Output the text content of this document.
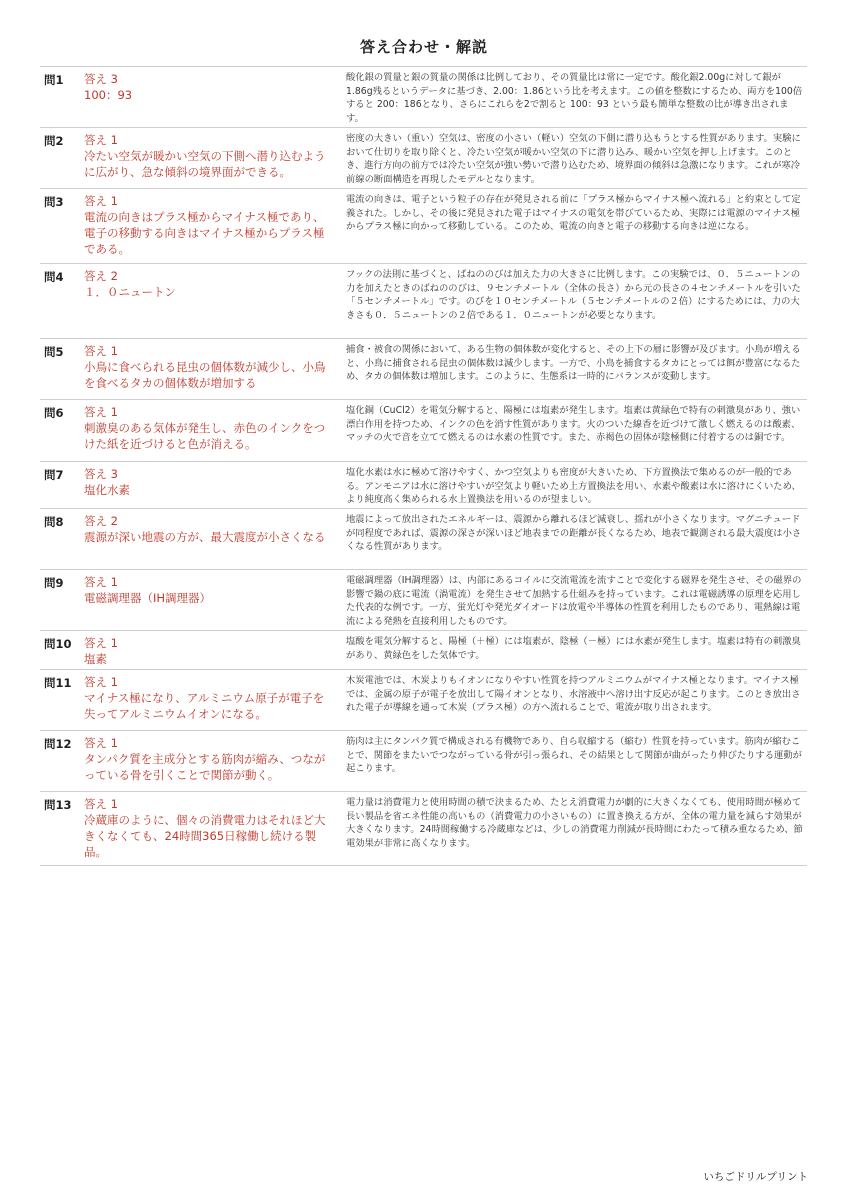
答え合わせ・解説
問1	答え 3
100：93
酸化銀の質量と銀の質量の関係は比例しており、その質量比は常に一定です。酸化銀2.00gに対して銀が1.86g残るというデータに基づき、2.00：1.86という比を考えます。この値を整数にするため、両方を100倍すると 200：186となり、さらにこれらを2で割ると 100：93 という最も簡単な整数の比が導き出されます。
問2	答え 1
冷たい空気が暖かい空気の下側へ潜り込むように広がり、急な傾斜の境界面ができる。
密度の大きい（重い）空気は、密度の小さい（軽い）空気の下側に潜り込もうとする性質があります。実験において仕切りを取り除くと、冷たい空気が暖かい空気の下に潜り込み、暖かい空気を押し上げます。このとき、進行方向の前方では冷たい空気が強い勢いで潜り込むため、境界面の傾斜は急激になります。これが寒冷前線の断面構造を再現したモデルとなります。
問3	答え 1
電流の向きはプラス極からマイナス極であり、電子の移動する向きはマイナス極からプラス極である。
電流の向きは、電子という粒子の存在が発見される前に「プラス極からマイナス極へ流れる」と約束として定義された。しかし、その後に発見された電子はマイナスの電気を帯びているため、実際には電源のマイナス極からプラス極に向かって移動している。このため、電流の向きと電子の移動する向きは逆になる。
問4	答え 2
１．０ニュートン
フックの法則に基づくと、ばねののびは加えた力の大きさに比例します。この実験では、０．５ニュートンの力を加えたときのばねののびは、９センチメートル（全体の長さ）から元の長さの４センチメートルを引いた「５センチメートル」です。のびを１０センチメートル（５センチメートルの２倍）にするためには、力の大きさも０．５ニュートンの２倍である１．０ニュートンが必要となります。
問5	答え 1
小鳥に食べられる昆虫の個体数が減少し、小鳥を食べるタカの個体数が増加する
捕食・被食の関係において、ある生物の個体数が変化すると、その上下の層に影響が及びます。小鳥が増えると、小鳥に捕食される昆虫の個体数は減少します。一方で、小鳥を捕食するタカにとっては餌が豊富になるため、タカの個体数は増加します。このように、生態系は一時的にバランスが変動します。
問6	答え 1
刺激臭のある気体が発生し、赤色のインクをつけた紙を近づけると色が消える。
塩化銅（CuCl2）を電気分解すると、陽極には塩素が発生します。塩素は黄緑色で特有の刺激臭があり、強い漂白作用を持つため、インクの色を消す性質があります。火のついた線香を近づけて激しく燃えるのは酸素、マッチの火で音を立てて燃えるのは水素の性質です。また、赤褐色の固体が陰極側に付着するのは銅です。
問7	答え 3
塩化水素
塩化水素は水に極めて溶けやすく、かつ空気よりも密度が大きいため、下方置換法で集めるのが一般的である。アンモニアは水に溶けやすいが空気より軽いため上方置換法を用い、水素や酸素は水に溶けにくいため、より純度高く集められる水上置換法を用いるのが望ましい。
問8	答え 2
震源が深い地震の方が、最大震度が小さくなる
地震によって放出されたエネルギーは、震源から離れるほど減衰し、揺れが小さくなります。マグニチュードが同程度であれば、震源の深さが深いほど地表までの距離が長くなるため、地表で観測される最大震度は小さくなる性質があります。
問9	答え 1
電磁調理器（IH調理器）
電磁調理器（IH調理器）は、内部にあるコイルに交流電流を流すことで変化する磁界を発生させ、その磁界の影響で鍋の底に電流（渦電流）を発生させて加熱する仕組みを持っています。これは電磁誘導の原理を応用した代表的な例です。一方、蛍光灯や発光ダイオードは放電や半導体の性質を利用したものであり、電熱線は電流による発熱を直接利用したものです。
問10	答え 1
塩素
塩酸を電気分解すると、陽極（＋極）には塩素が、陰極（－極）には水素が発生します。塩素は特有の刺激臭があり、黄緑色をした気体です。
問11	答え 1
マイナス極になり、アルミニウム原子が電子を失ってアルミニウムイオンになる。
木炭電池では、木炭よりもイオンになりやすい性質を持つアルミニウムがマイナス極となります。マイナス極では、金属の原子が電子を放出して陽イオンとなり、水溶液中へ溶け出す反応が起こります。このとき放出された電子が導線を通って木炭（プラス極）の方へ流れることで、電流が取り出されます。
問12	答え 1
タンパク質を主成分とする筋肉が縮み、つながっている骨を引くことで関節が動く。
筋肉は主にタンパク質で構成される有機物であり、自ら収縮する（縮む）性質を持っています。筋肉が縮むことで、関節をまたいでつながっている骨が引っ張られ、その結果として関節が曲がったり伸びたりする運動が起こります。
問13	答え 1
冷蔵庫のように、個々の消費電力はそれほど大きくなくても、24時間365日稼働し続ける製品。
電力量は消費電力と使用時間の積で決まるため、たとえ消費電力が劇的に大きくなくても、使用時間が極めて長い製品を省エネ性能の高いもの（消費電力の小さいもの）に置き換える方が、全体の電力量を減らす効果が大きくなります。24時間稼働する冷蔵庫などは、少しの消費電力削減が長時間にわたって積み重なるため、節電効果が非常に高くなります。
いちごドリルプリント
